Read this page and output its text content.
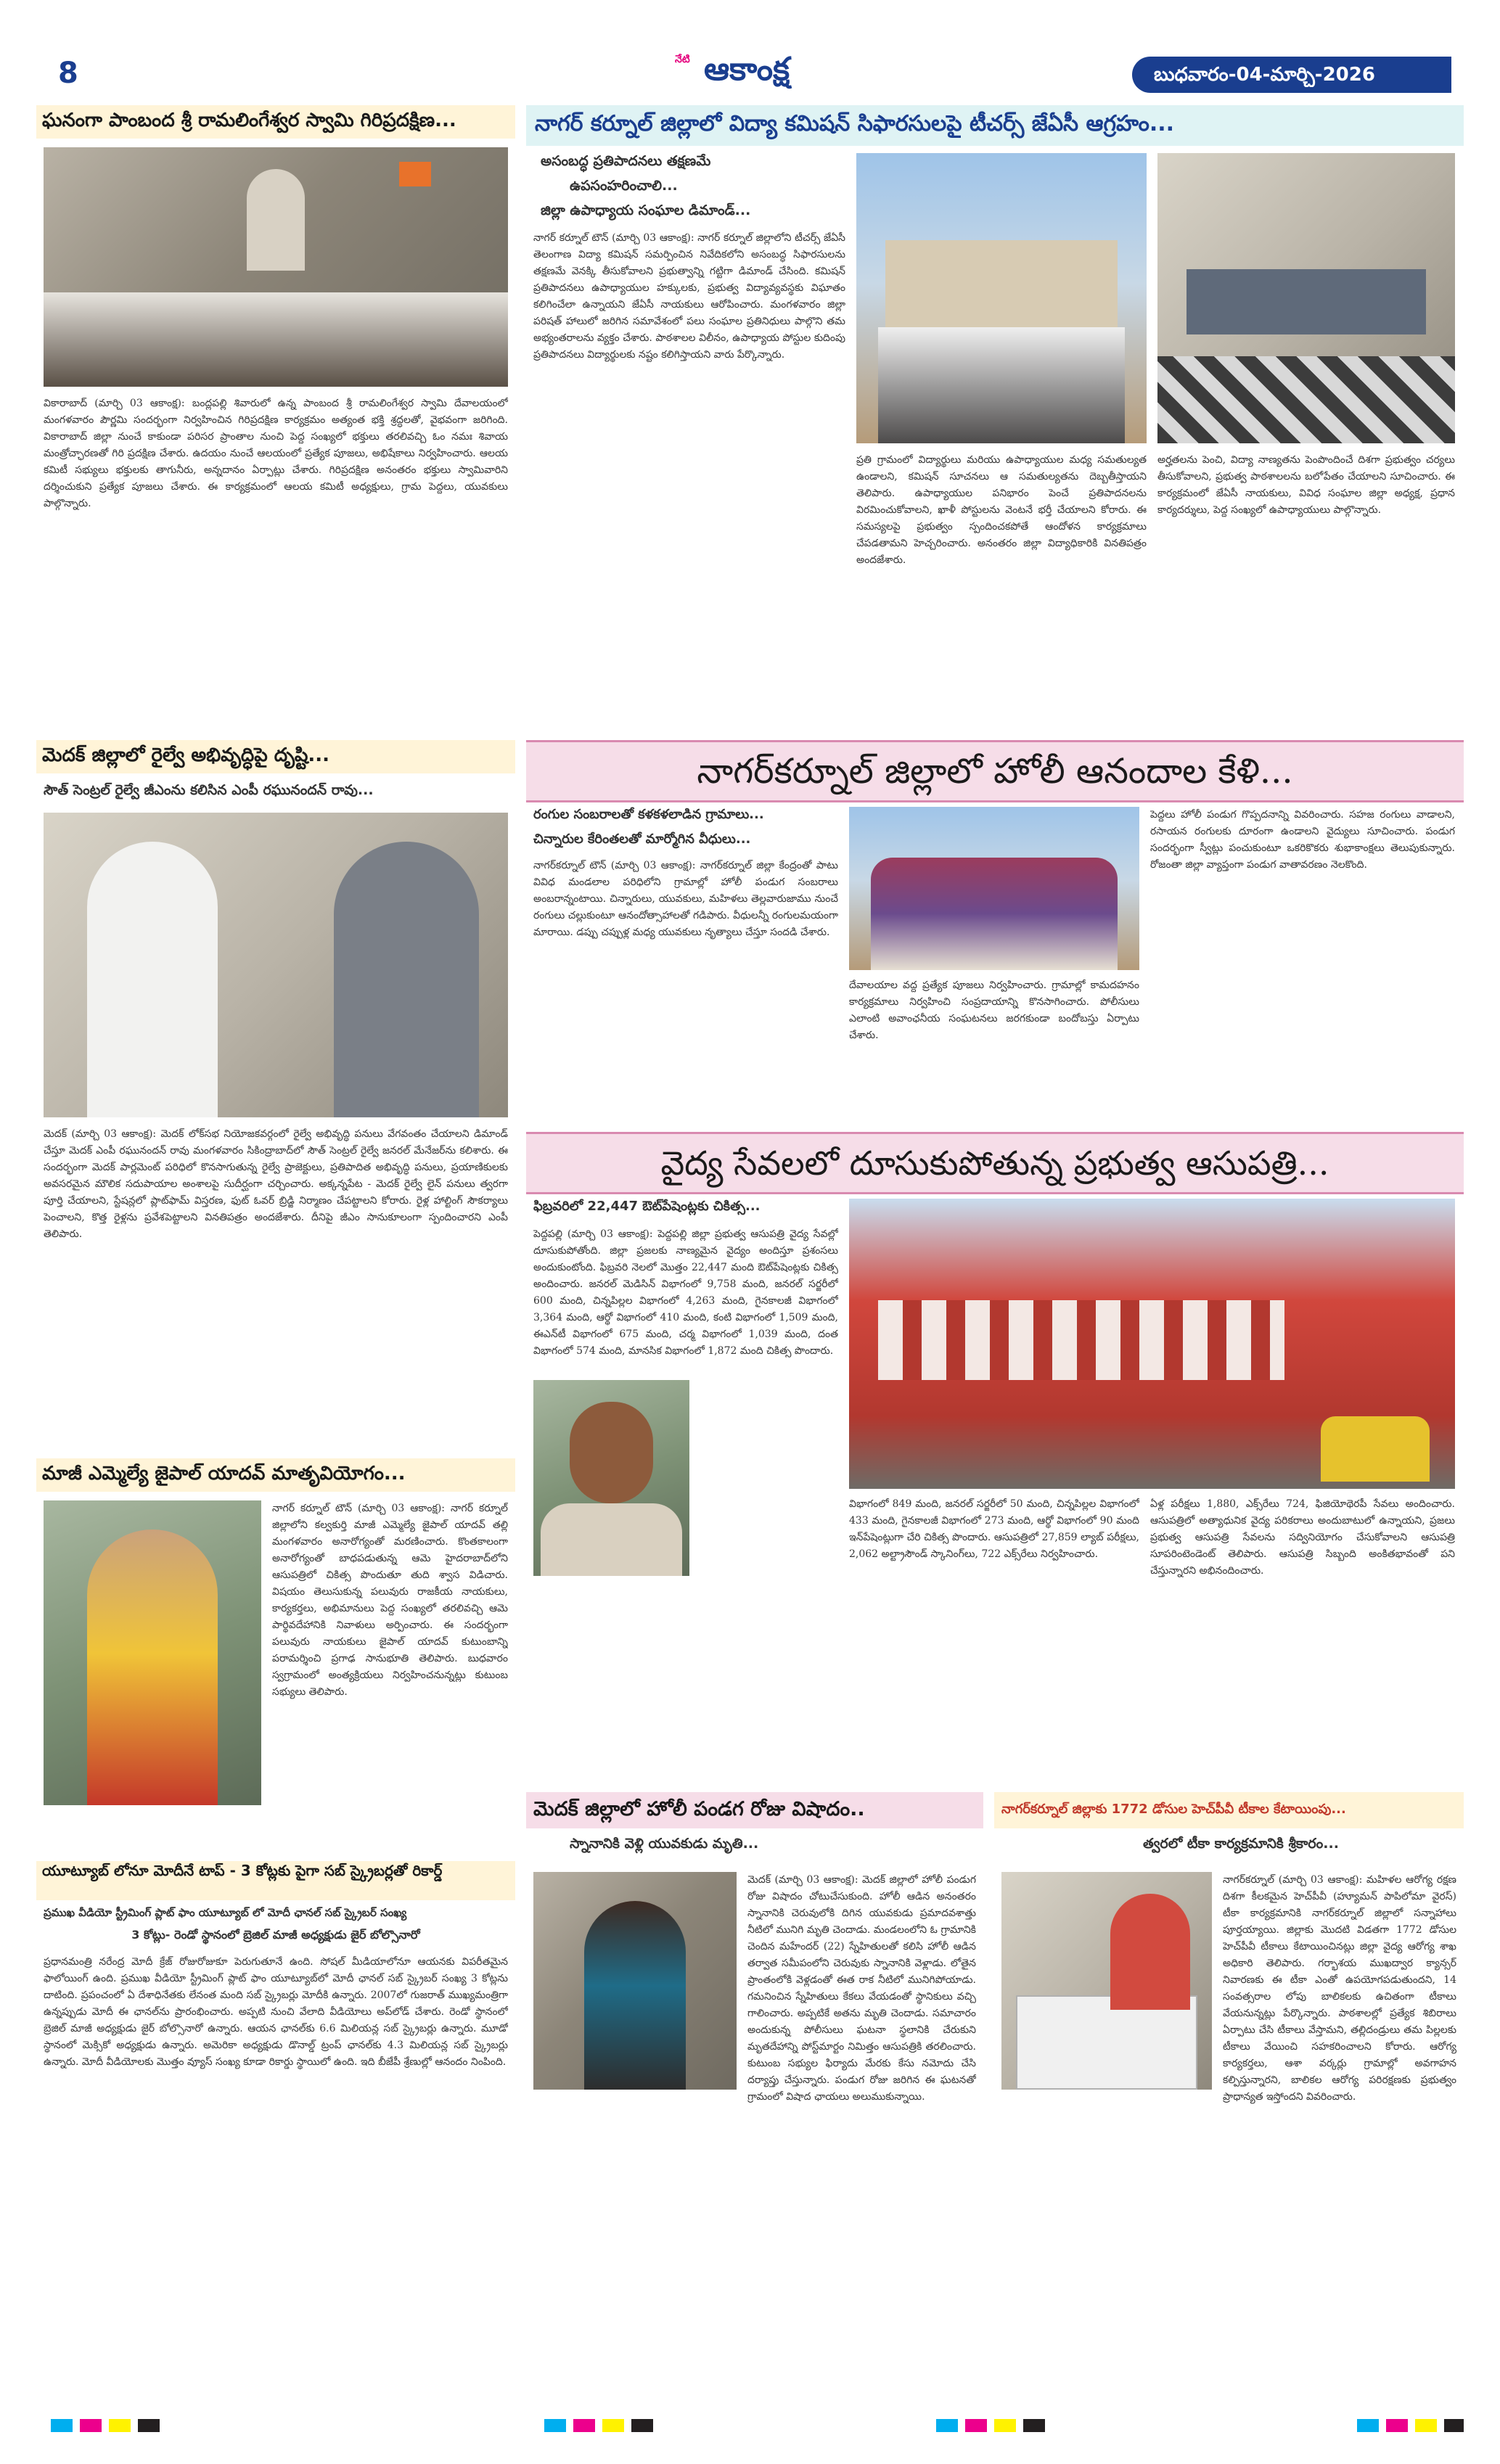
8	నేటి ఆకాంక్ష	బుధవారం-04-మార్చి-2026
ఘనంగా పాంబంద శ్రీ రామలింగేశ్వర స్వామి గిరిప్రదక్షిణ...
వికారాబాద్ (మార్చి 03 ఆకాంక్ష): బంద్లపల్లి శివారులో ఉన్న పాంబంద శ్రీ రామలింగేశ్వర స్వామి దేవాలయంలో మంగళవారం పౌర్ణమి సందర్భంగా నిర్వహించిన గిరిప్రదక్షిణ కార్యక్రమం అత్యంత భక్తి శ్రద్ధలతో, వైభవంగా జరిగింది. వికారాబాద్ జిల్లా నుంచే కాకుండా పరిసర ప్రాంతాల నుంచి పెద్ద సంఖ్యలో భక్తులు తరలివచ్చి ఓం నమః శివాయ మంత్రోచ్ఛారణతో గిరి ప్రదక్షిణ చేశారు. ఉదయం నుంచే ఆలయంలో ప్రత్యేక పూజలు, అభిషేకాలు నిర్వహించారు. ఆలయ కమిటీ సభ్యులు భక్తులకు తాగునీరు, అన్నదానం ఏర్పాట్లు చేశారు. గిరిప్రదక్షిణ అనంతరం భక్తులు స్వామివారిని దర్శించుకుని ప్రత్యేక పూజలు చేశారు. ఈ కార్యక్రమంలో ఆలయ కమిటీ అధ్యక్షులు, గ్రామ పెద్దలు, యువకులు పాల్గొన్నారు.
మెదక్ జిల్లాలో రైల్వే అభివృద్ధిపై దృష్టి...
సౌత్ సెంట్రల్ రైల్వే జీఎంను కలిసిన ఎంపీ రఘునందన్ రావు...
మెదక్ (మార్చి 03 ఆకాంక్ష): మెదక్ లోక్‌సభ నియోజకవర్గంలో రైల్వే అభివృద్ధి పనులు వేగవంతం చేయాలని డిమాండ్ చేస్తూ మెదక్ ఎంపీ రఘునందన్ రావు మంగళవారం సికింద్రాబాద్‌లో సౌత్ సెంట్రల్ రైల్వే జనరల్ మేనేజర్‌ను కలిశారు. ఈ సందర్భంగా మెదక్ పార్లమెంట్ పరిధిలో కొనసాగుతున్న రైల్వే ప్రాజెక్టులు, ప్రతిపాదిత అభివృద్ధి పనులు, ప్రయాణికులకు అవసరమైన మౌలిక సదుపాయాల అంశాలపై సుదీర్ఘంగా చర్చించారు. అక్కన్నపేట - మెదక్ రైల్వే లైన్ పనులు త్వరగా పూర్తి చేయాలని, స్టేషన్లలో ప్లాట్‌ఫామ్ విస్తరణ, ఫుట్ ఓవర్ బ్రిడ్జి నిర్మాణం చేపట్టాలని కోరారు. రైళ్ల హాల్టింగ్ సౌకర్యాలు పెంచాలని, కొత్త రైళ్లను ప్రవేశపెట్టాలని వినతిపత్రం అందజేశారు. దీనిపై జీఎం సానుకూలంగా స్పందించారని ఎంపీ తెలిపారు.
మాజీ ఎమ్మెల్యే జైపాల్ యాదవ్ మాతృవియోగం...
నాగర్ కర్నూల్ టౌన్ (మార్చి 03 ఆకాంక్ష): నాగర్ కర్నూల్ జిల్లాలోని కల్వకుర్తి మాజీ ఎమ్మెల్యే జైపాల్ యాదవ్ తల్లి మంగళవారం అనారోగ్యంతో మరణించారు. కొంతకాలంగా అనారోగ్యంతో బాధపడుతున్న ఆమె హైదరాబాద్‌లోని ఆసుపత్రిలో చికిత్స పొందుతూ తుది శ్వాస విడిచారు. విషయం తెలుసుకున్న పలువురు రాజకీయ నాయకులు, కార్యకర్తలు, అభిమానులు పెద్ద సంఖ్యలో తరలివచ్చి ఆమె పార్థివదేహానికి నివాళులు అర్పించారు. ఈ సందర్భంగా పలువురు నాయకులు జైపాల్ యాదవ్ కుటుంబాన్ని పరామర్శించి ప్రగాఢ సానుభూతి తెలిపారు. బుధవారం స్వగ్రామంలో అంత్యక్రియలు నిర్వహించనున్నట్లు కుటుంబ సభ్యులు తెలిపారు.
యూట్యూబ్ లోనూ మోదీనే టాప్ - 3 కోట్లకు పైగా సబ్ స్క్రైబర్లతో రికార్డ్
ప్రముఖ వీడియో స్ట్రీమింగ్ ప్లాట్ ఫాం యూట్యూబ్ లో మోదీ ఛానల్ సబ్ స్క్రైబర్ సంఖ్య
3 కోట్లు- రెండో స్థానంలో బ్రెజిల్ మాజీ అధ్యక్షుడు జైర్ బోల్సొనారో
ప్రధానమంత్రి నరేంద్ర మోదీ క్రేజ్ రోజురోజుకూ పెరుగుతూనే ఉంది. సోషల్ మీడియాలోనూ ఆయనకు విపరీతమైన ఫాలోయింగ్ ఉంది. ప్రముఖ వీడియో స్ట్రీమింగ్ ప్లాట్ ఫాం యూట్యూబ్‌లో మోదీ ఛానల్ సబ్ స్క్రైబర్ సంఖ్య 3 కోట్లను దాటింది. ప్రపంచంలో ఏ దేశాధినేతకు లేనంత మంది సబ్ స్క్రైబర్లు మోదీకి ఉన్నారు. 2007లో గుజరాత్ ముఖ్యమంత్రిగా ఉన్నప్పుడు మోదీ ఈ ఛానల్‌ను ప్రారంభించారు. అప్పటి నుంచి వేలాది వీడియోలు అప్‌లోడ్ చేశారు. రెండో స్థానంలో బ్రెజిల్ మాజీ అధ్యక్షుడు జైర్ బోల్సొనారో ఉన్నారు. ఆయన ఛానల్‌కు 6.6 మిలియన్ల సబ్ స్క్రైబర్లు ఉన్నారు. మూడో స్థానంలో మెక్సికో అధ్యక్షుడు ఉన్నారు. అమెరికా అధ్యక్షుడు డొనాల్డ్ ట్రంప్ ఛానల్‌కు 4.3 మిలియన్ల సబ్ స్క్రైబర్లు ఉన్నారు. మోదీ వీడియోలకు మొత్తం వ్యూస్ సంఖ్య కూడా రికార్డు స్థాయిలో ఉంది. ఇది బీజేపీ శ్రేణుల్లో ఆనందం నింపింది.
నాగర్ కర్నూల్ జిల్లాలో విద్యా కమిషన్ సిఫారసులపై టీచర్స్ జేఏసీ ఆగ్రహం...
అసంబద్ధ ప్రతిపాదనలు తక్షణమే
ఉపసంహరించాలి...
జిల్లా ఉపాధ్యాయ సంఘాల డిమాండ్...
నాగర్ కర్నూల్ టౌన్ (మార్చి 03 ఆకాంక్ష): నాగర్ కర్నూల్ జిల్లాలోని టీచర్స్ జేఏసీ తెలంగాణ విద్యా కమిషన్ సమర్పించిన నివేదికలోని అసంబద్ధ సిఫారసులను తక్షణమే వెనక్కి తీసుకోవాలని ప్రభుత్వాన్ని గట్టిగా డిమాండ్ చేసింది. కమిషన్ ప్రతిపాదనలు ఉపాధ్యాయుల హక్కులకు, ప్రభుత్వ విద్యావ్యవస్థకు విఘాతం కలిగించేలా ఉన్నాయని జేఏసీ నాయకులు ఆరోపించారు. మంగళవారం జిల్లా పరిషత్ హాలులో జరిగిన సమావేశంలో పలు సంఘాల ప్రతినిధులు పాల్గొని తమ అభ్యంతరాలను వ్యక్తం చేశారు. పాఠశాలల విలీనం, ఉపాధ్యాయ పోస్టుల కుదింపు ప్రతిపాదనలు విద్యార్థులకు నష్టం కలిగిస్తాయని వారు పేర్కొన్నారు.
ప్రతి గ్రామంలో విద్యార్థులు మరియు ఉపాధ్యాయుల మధ్య సమతుల్యత ఉండాలని, కమిషన్ సూచనలు ఆ సమతుల్యతను దెబ్బతీస్తాయని తెలిపారు. ఉపాధ్యాయుల పనిభారం పెంచే ప్రతిపాదనలను విరమించుకోవాలని, ఖాళీ పోస్టులను వెంటనే భర్తీ చేయాలని కోరారు. ఈ సమస్యలపై ప్రభుత్వం స్పందించకపోతే ఆందోళన కార్యక్రమాలు చేపడతామని హెచ్చరించారు. అనంతరం జిల్లా విద్యాధికారికి వినతిపత్రం అందజేశారు.
అర్హతలను పెంచి, విద్యా నాణ్యతను పెంపొందించే దిశగా ప్రభుత్వం చర్యలు తీసుకోవాలని, ప్రభుత్వ పాఠశాలలను బలోపేతం చేయాలని సూచించారు. ఈ కార్యక్రమంలో జేఏసీ నాయకులు, వివిధ సంఘాల జిల్లా అధ్యక్ష, ప్రధాన కార్యదర్శులు, పెద్ద సంఖ్యలో ఉపాధ్యాయులు పాల్గొన్నారు.
నాగర్‌కర్నూల్ జిల్లాలో హోలీ ఆనందాల కేళి...
రంగుల సంబరాలతో కళకళలాడిన గ్రామాలు...
చిన్నారుల కేరింతలతో మార్మోగిన వీధులు...
నాగర్‌కర్నూల్ టౌన్ (మార్చి 03 ఆకాంక్ష): నాగర్‌కర్నూల్ జిల్లా కేంద్రంతో పాటు వివిధ మండలాల పరిధిలోని గ్రామాల్లో హోలీ పండుగ సంబరాలు అంబరాన్నంటాయి. చిన్నారులు, యువకులు, మహిళలు తెల్లవారుజాము నుంచే రంగులు చల్లుకుంటూ ఆనందోత్సాహాలతో గడిపారు. వీధులన్నీ రంగులమయంగా మారాయి. డప్పు చప్పుళ్ల మధ్య యువకులు నృత్యాలు చేస్తూ సందడి చేశారు.
దేవాలయాల వద్ద ప్రత్యేక పూజలు నిర్వహించారు. గ్రామాల్లో కామదహనం కార్యక్రమాలు నిర్వహించి సంప్రదాయాన్ని కొనసాగించారు. పోలీసులు ఎలాంటి అవాంఛనీయ సంఘటనలు జరగకుండా బందోబస్తు ఏర్పాటు చేశారు.
పెద్దలు హోలీ పండుగ గొప్పదనాన్ని వివరించారు. సహజ రంగులు వాడాలని, రసాయన రంగులకు దూరంగా ఉండాలని వైద్యులు సూచించారు. పండుగ సందర్భంగా స్వీట్లు పంచుకుంటూ ఒకరికొకరు శుభాకాంక్షలు తెలుపుకున్నారు. రోజంతా జిల్లా వ్యాప్తంగా పండుగ వాతావరణం నెలకొంది.
వైద్య సేవలలో దూసుకుపోతున్న ప్రభుత్వ ఆసుపత్రి...
ఫిబ్రవరిలో 22,447 ఔట్‌పేషెంట్లకు చికిత్స...
పెద్దపల్లి (మార్చి 03 ఆకాంక్ష): పెద్దపల్లి జిల్లా ప్రభుత్వ ఆసుపత్రి వైద్య సేవల్లో దూసుకుపోతోంది. జిల్లా ప్రజలకు నాణ్యమైన వైద్యం అందిస్తూ ప్రశంసలు అందుకుంటోంది. ఫిబ్రవరి నెలలో మొత్తం 22,447 మంది ఔట్‌పేషెంట్లకు చికిత్స అందించారు. జనరల్ మెడిసిన్ విభాగంలో 9,758 మంది, జనరల్ సర్జరీలో 600 మంది, చిన్నపిల్లల విభాగంలో 4,263 మంది, గైనకాలజీ విభాగంలో 3,364 మంది, ఆర్థో విభాగంలో 410 మంది, కంటి విభాగంలో 1,509 మంది, ఈఎన్‌టీ విభాగంలో 675 మంది, చర్మ విభాగంలో 1,039 మంది, దంత విభాగంలో 574 మంది, మానసిక విభాగంలో 1,872 మంది చికిత్స పొందారు.
విభాగంలో 849 మంది, జనరల్ సర్జరీలో 50 మంది, చిన్నపిల్లల విభాగంలో 433 మంది, గైనకాలజీ విభాగంలో 273 మంది, ఆర్థో విభాగంలో 90 మంది ఇన్‌పేషెంట్లుగా చేరి చికిత్స పొందారు. ఆసుపత్రిలో 27,859 ల్యాబ్ పరీక్షలు, 2,062 అల్ట్రాసౌండ్ స్కానింగ్‌లు, 722 ఎక్స్‌రేలు నిర్వహించారు.
ఏళ్ల పరీక్షలు 1,880, ఎక్స్‌రేలు 724, ఫిజియోథెరపీ సేవలు అందించారు. ఆసుపత్రిలో అత్యాధునిక వైద్య పరికరాలు అందుబాటులో ఉన్నాయని, ప్రజలు ప్రభుత్వ ఆసుపత్రి సేవలను సద్వినియోగం చేసుకోవాలని ఆసుపత్రి సూపరింటెండెంట్ తెలిపారు. ఆసుపత్రి సిబ్బంది అంకితభావంతో పని చేస్తున్నారని అభినందించారు.
మెదక్ జిల్లాలో హోలీ పండగ రోజు విషాదం..
స్నానానికి వెళ్లి యువకుడు మృతి...
మెదక్ (మార్చి 03 ఆకాంక్ష): మెదక్ జిల్లాలో హోలీ పండుగ రోజు విషాదం చోటుచేసుకుంది. హోలీ ఆడిన అనంతరం స్నానానికి చెరువులోకి దిగిన యువకుడు ప్రమాదవశాత్తు నీటిలో మునిగి మృతి చెందాడు. మండలంలోని ఓ గ్రామానికి చెందిన మహేందర్ (22) స్నేహితులతో కలిసి హోలీ ఆడిన తర్వాత సమీపంలోని చెరువుకు స్నానానికి వెళ్లాడు. లోతైన ప్రాంతంలోకి వెళ్లడంతో ఈత రాక నీటిలో మునిగిపోయాడు. గమనించిన స్నేహితులు కేకలు వేయడంతో స్థానికులు వచ్చి గాలించారు. అప్పటికే అతను మృతి చెందాడు. సమాచారం అందుకున్న పోలీసులు ఘటనా స్థలానికి చేరుకుని మృతదేహాన్ని పోస్ట్‌మార్టం నిమిత్తం ఆసుపత్రికి తరలించారు. కుటుంబ సభ్యుల ఫిర్యాదు మేరకు కేసు నమోదు చేసి దర్యాప్తు చేస్తున్నారు. పండుగ రోజు జరిగిన ఈ ఘటనతో గ్రామంలో విషాద ఛాయలు అలుముకున్నాయి.
నాగర్‌కర్నూల్ జిల్లాకు 1772 డోసుల హెచ్‌పీవీ టీకాల కేటాయింపు...
త్వరలో టీకా కార్యక్రమానికి శ్రీకారం...
నాగర్‌కర్నూల్ (మార్చి 03 ఆకాంక్ష): మహిళల ఆరోగ్య రక్షణ దిశగా కీలకమైన హెచ్‌పీవీ (హ్యూమన్ పాపిలోమా వైరస్) టీకా కార్యక్రమానికి నాగర్‌కర్నూల్ జిల్లాలో సన్నాహాలు పూర్తయ్యాయి. జిల్లాకు మొదటి విడతగా 1772 డోసుల హెచ్‌పీవీ టీకాలు కేటాయించినట్లు జిల్లా వైద్య ఆరోగ్య శాఖ అధికారి తెలిపారు. గర్భాశయ ముఖద్వార క్యాన్సర్ నివారణకు ఈ టీకా ఎంతో ఉపయోగపడుతుందని, 14 సంవత్సరాల లోపు బాలికలకు ఉచితంగా టీకాలు వేయనున్నట్లు పేర్కొన్నారు. పాఠశాలల్లో ప్రత్యేక శిబిరాలు ఏర్పాటు చేసి టీకాలు వేస్తామని, తల్లిదండ్రులు తమ పిల్లలకు టీకాలు వేయించి సహకరించాలని కోరారు. ఆరోగ్య కార్యకర్తలు, ఆశా వర్కర్లు గ్రామాల్లో అవగాహన కల్పిస్తున్నారని, బాలికల ఆరోగ్య పరిరక్షణకు ప్రభుత్వం ప్రాధాన్యత ఇస్తోందని వివరించారు.
